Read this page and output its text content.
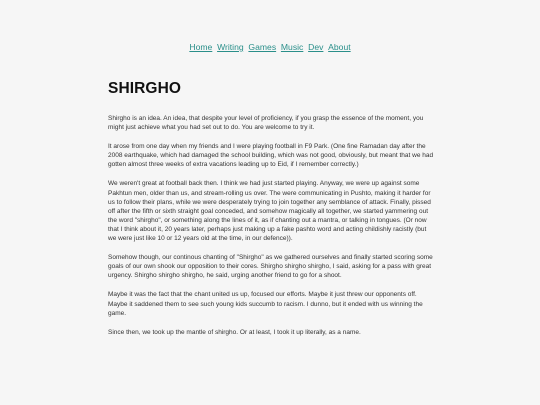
Home Writing Games Music Dev About
SHIRGHO

Shirgho is an idea. An idea, that despite your level of proficiency, if you grasp the essence of the moment, you might just achieve what you had set out to do. You are welcome to try it.

It arose from one day when my friends and I were playing football in F9 Park. (One fine Ramadan day after the 2008 earthquake, which had damaged the school building, which was not good, obviously, but meant that we had gotten almost three weeks of extra vacations leading up to Eid, if I remember correctly.)

We weren't great at football back then. I think we had just started playing. Anyway, we were up against some Pakhtun men, older than us, and stream-rolling us over. The were communicating in Pushto, making it harder for us to follow their plans, while we were desperately trying to join together any semblance of attack. Finally, pissed off after the fifth or sixth straight goal conceded, and somehow magically all together, we started yammering out the word "shirgho", or something along the lines of it, as if chanting out a mantra, or talking in tongues. (Or now that I think about it, 20 years later, perhaps just making up a fake pashto word and acting childishly racistly (but we were just like 10 or 12 years old at the time, in our defence)).

Somehow though, our continous chanting of "Shirgho" as we gathered ourselves and finally started scoring some goals of our own shook our opposition to their cores. Shirgho shirgho shirgho, I said, asking for a pass with great urgency. Shirgho shirgho shirgho, he said, urging another friend to go for a shoot.

Maybe it was the fact that the chant united us up, focused our efforts. Maybe it just threw our opponents off. Maybe it saddened them to see such young kids succumb to racism. I dunno, but it ended with us winning the game.

Since then, we took up the mantle of shirgho. Or at least, I took it up literally, as a name.
